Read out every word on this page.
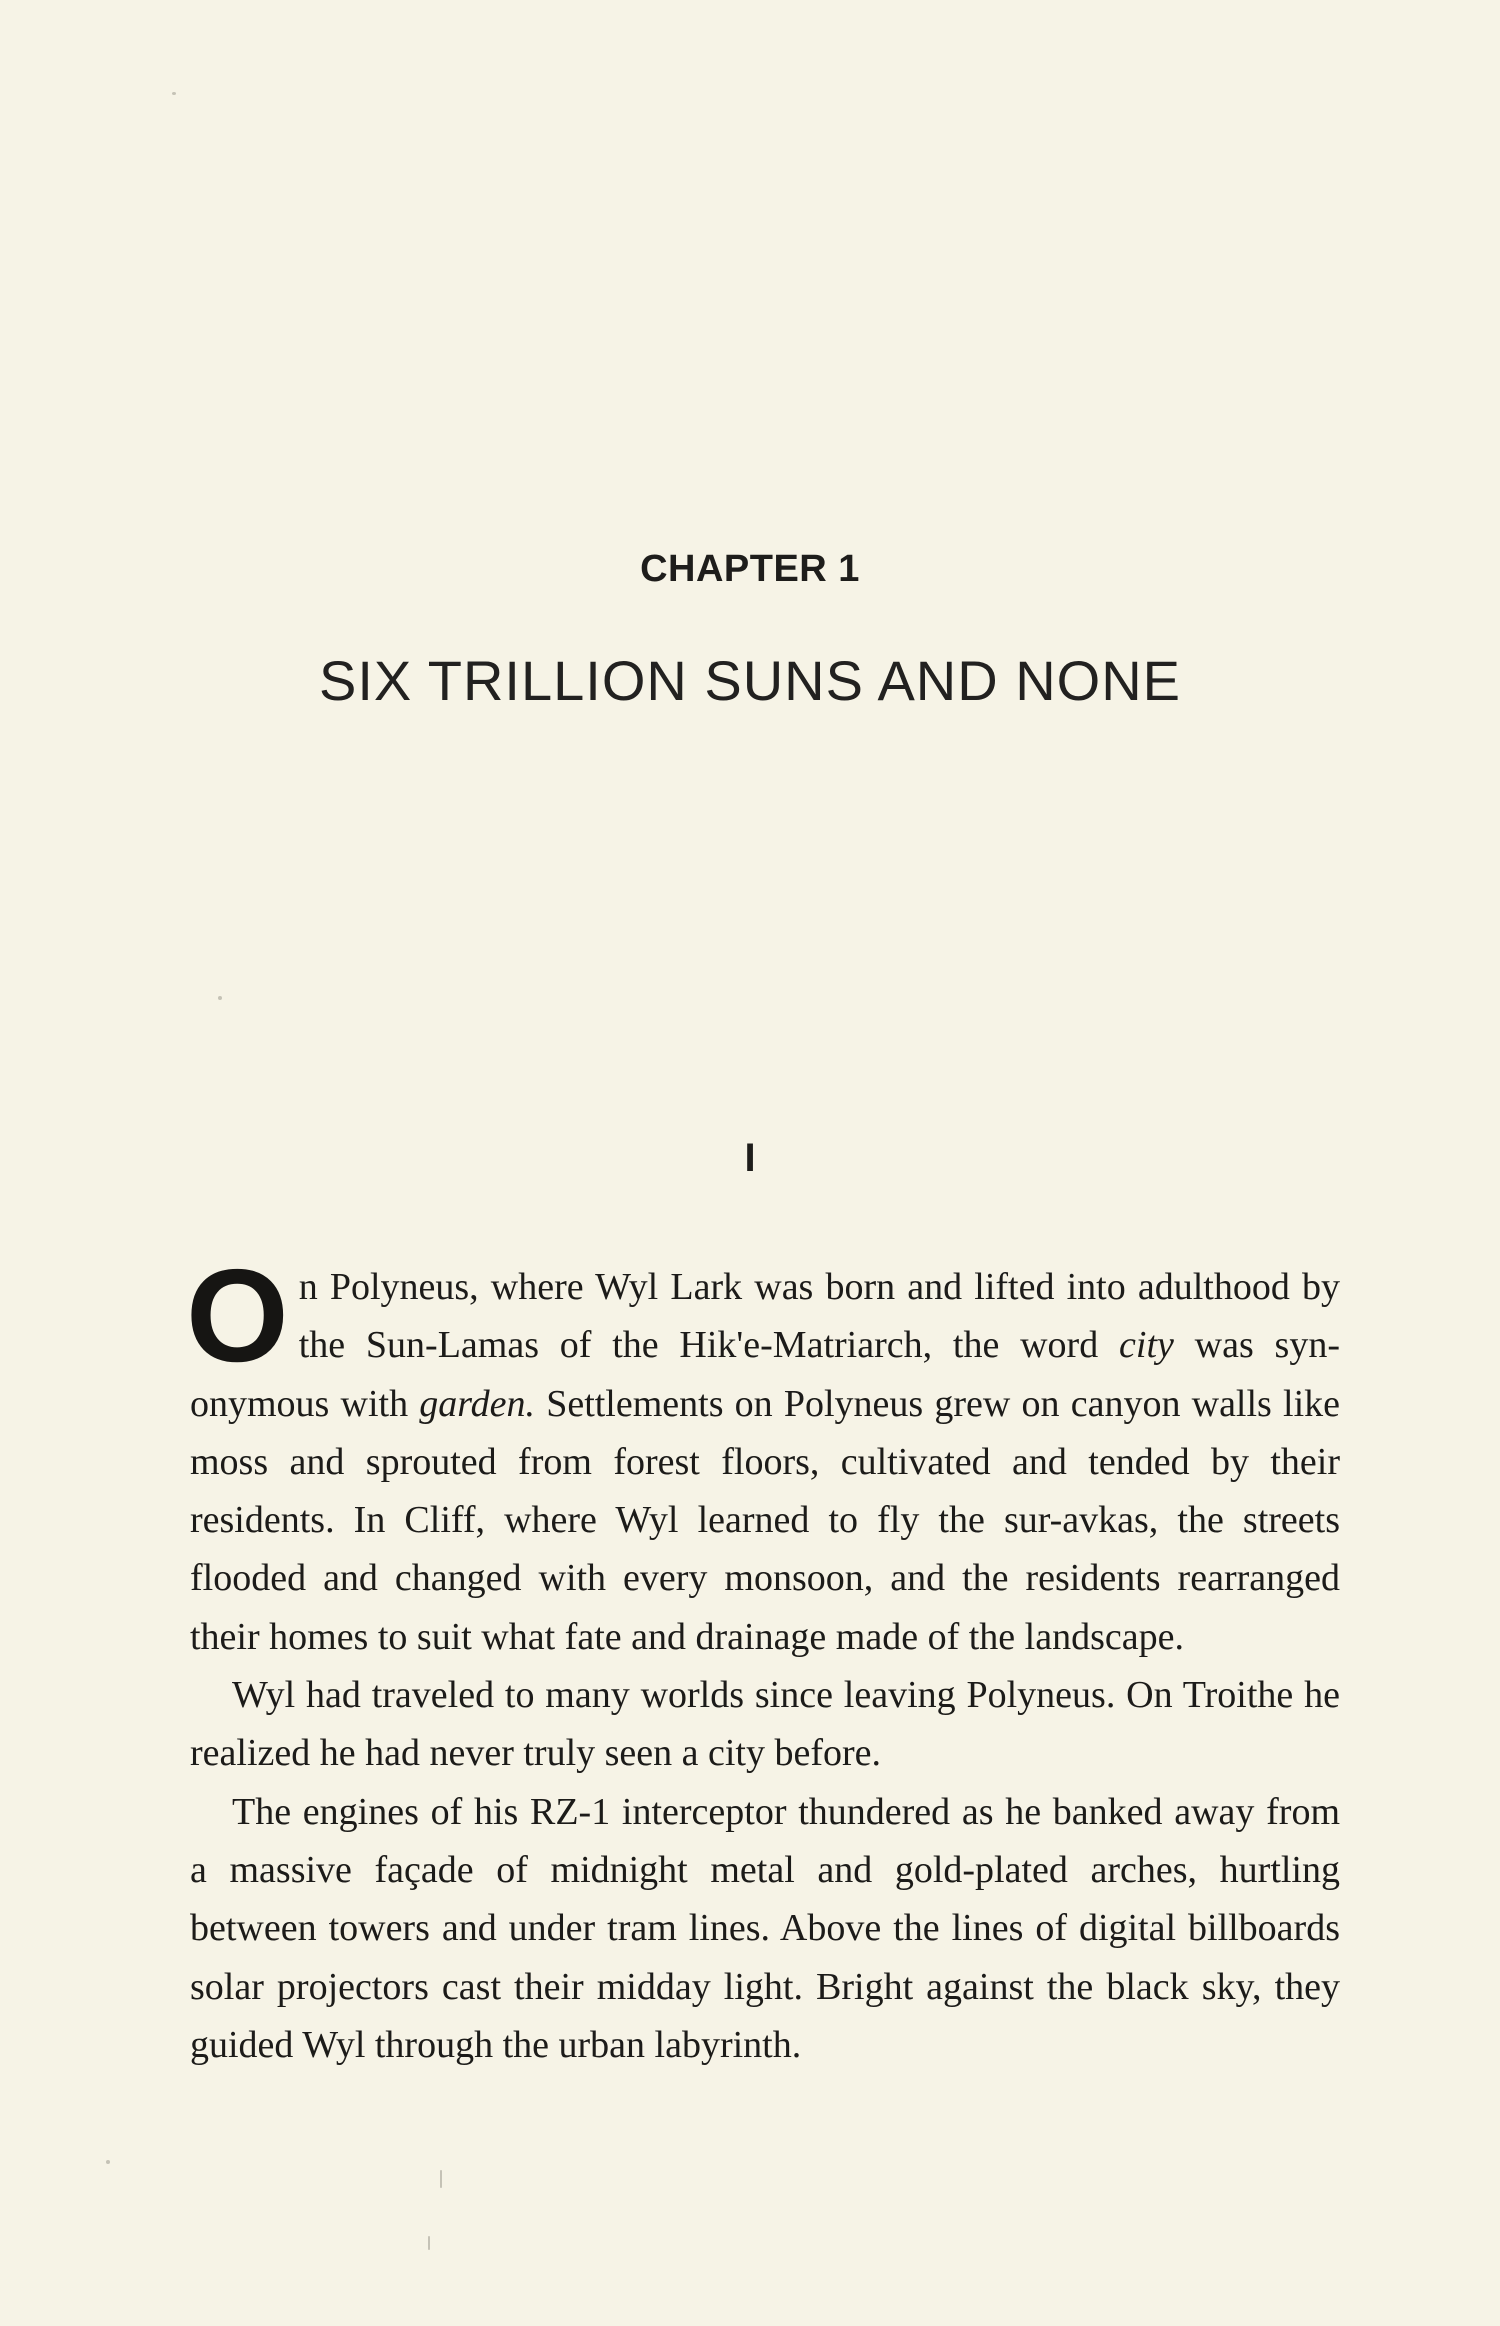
CHAPTER 1
SIX TRILLION SUNS AND NONE
I

On Polyneus, where Wyl Lark was born and lifted into adulthood by the Sun-Lamas of the Hik'e-Matriarch, the word city was synonymous with garden. Settlements on Polyneus grew on canyon walls like moss and sprouted from forest floors, cultivated and tended by their residents. In Cliff, where Wyl learned to fly the sur-avkas, the streets flooded and changed with every monsoon, and the residents rearranged their homes to suit what fate and drainage made of the landscape.

Wyl had traveled to many worlds since leaving Polyneus. On Troithe he realized he had never truly seen a city before.

The engines of his RZ-1 interceptor thundered as he banked away from a massive façade of midnight metal and gold-plated arches, hurtling between towers and under tram lines. Above the lines of digital billboards solar projectors cast their midday light. Bright against the black sky, they guided Wyl through the urban labyrinth.
